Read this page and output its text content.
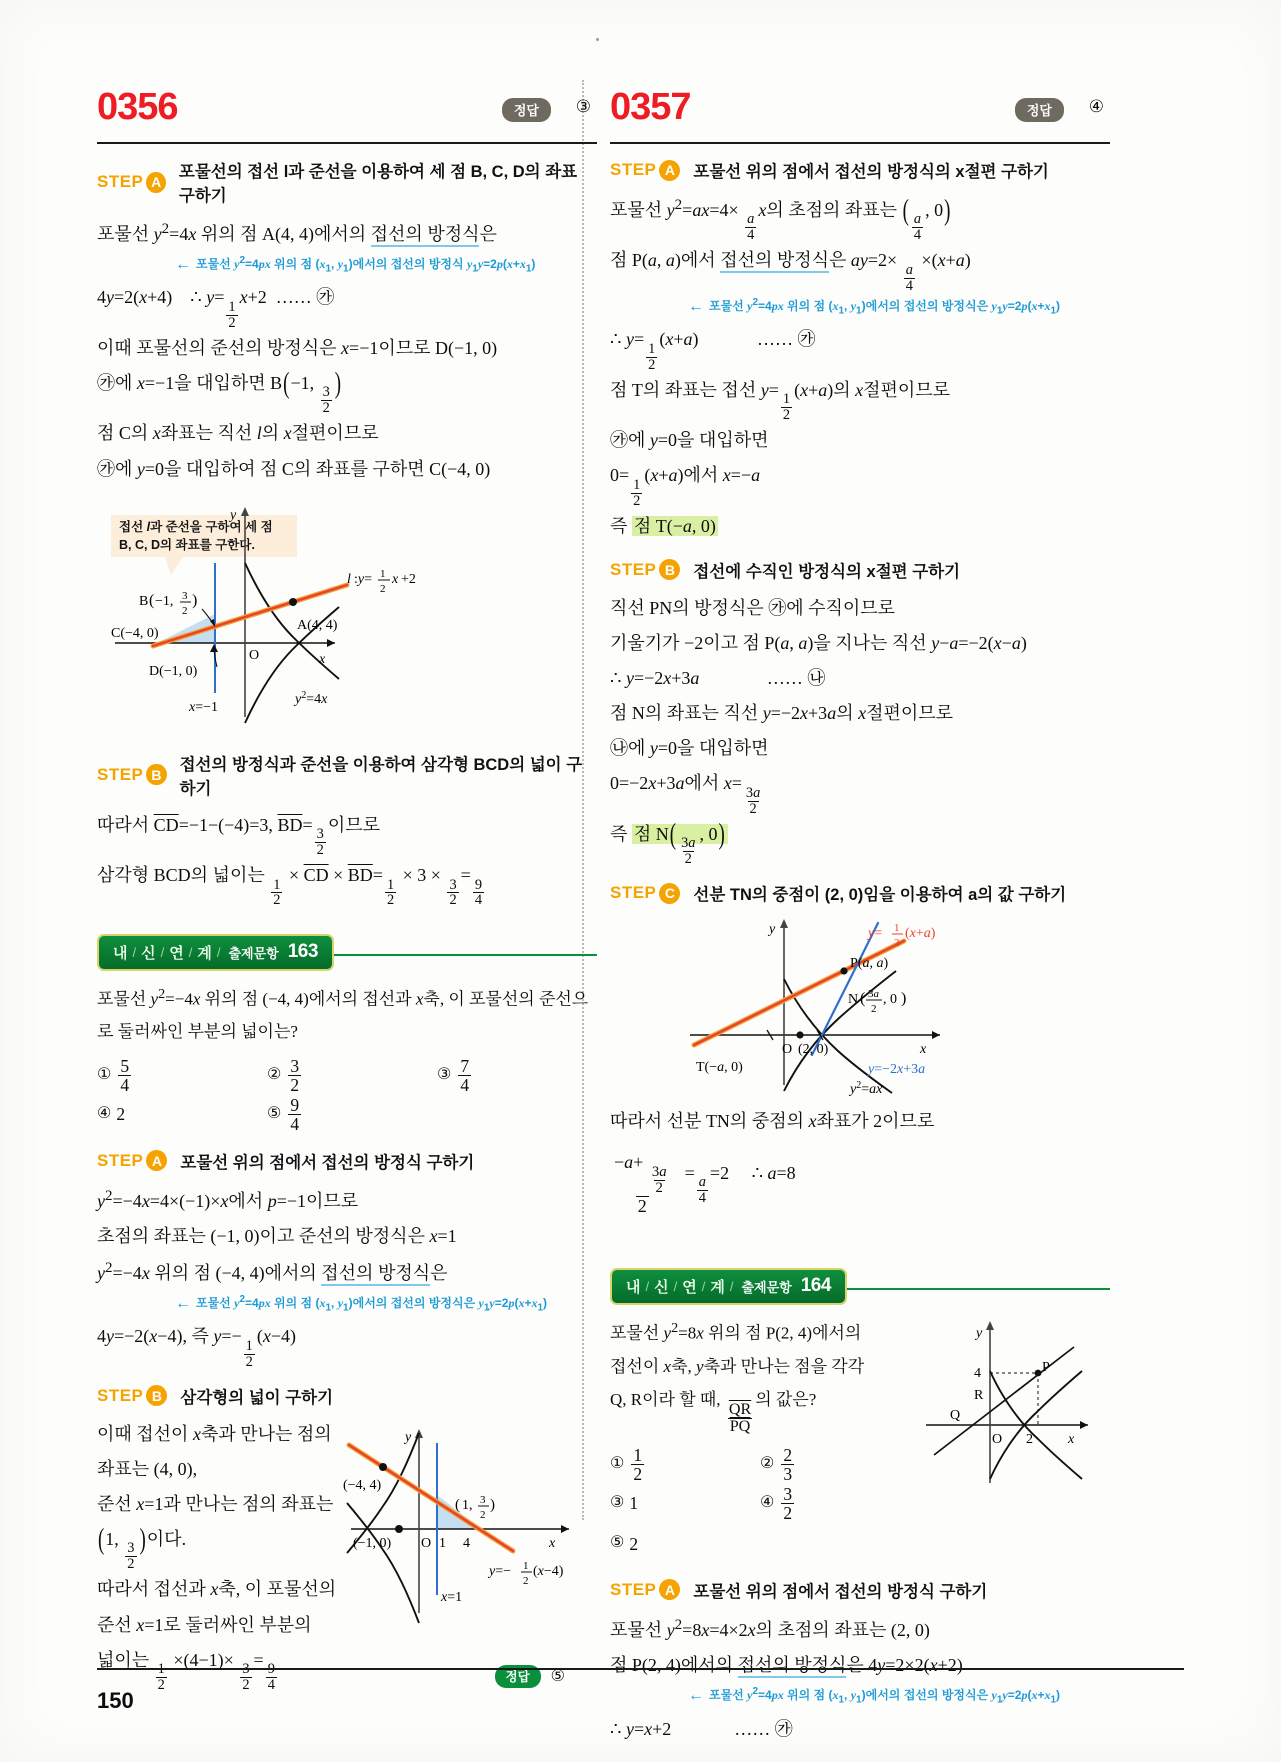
0356	정답	③
STEP A
포물선의 접선 l과 준선을 이용하여 세 점 B, C, D의 좌표 구하기
포물선 $y^2=4x$ 위의 점 A(4, 4)에서의 접선의 방정식은
← 포물선 $y^2=4px$ 위의 점 ($x_1$, $y_1$)에서의 접선의 방정식 $y_1y=2p(x+x_1)$
4y=2(x+4)    ∴ y=
$\frac{1}{2}$
x+2  …… ㉮
이때 포물선의 준선의 방정식은 x=−1이므로 D(−1, 0)
㉮에 x=−1을 대입하면 B(−1,
$\frac{3}{2}$
)
점 C의 x좌표는 직선 l의 x절편이므로
㉮에 y=0을 대입하여 점 C의 좌표를 구하면 C(−4, 0)
접선 l과 준선을 구하여 세 점
B, C, D의 좌표를 구한다.
A(4, 4)
l :y= 1
2
x +2
B ( −1, 3
2
)
C(−4, 0)
D(−1, 0)
O	x
y
x=−1
$y^2=4x$
STEP B
접선의 방정식과 준선을 이용하여 삼각형 BCD의 넓이 구하기
따라서 $\overline{CD}=-1-(-4)=3$, $\overline{BD}=$
$\frac{3}{2}$
이므로
삼각형 BCD의 넓이는
$\frac{1}{2}$
× $\overline{CD} \times \overline{BD}=$
$\frac{1}{2}$
× 3 ×
$\frac{3}{2}$
=
$\frac{9}{4}$
내 / 신 / 연 / 계 / 출제문항 163
포물선 $y^2=-4x$ 위의 점 (−4, 4)에서의 접선과 x축, 이 포물선의 준선으
로 둘러싸인 부분의 넓이는?
① $\frac{5}{4}$	② $\frac{3}{2}$	③ $\frac{7}{4}$
④ 2	⑤ $\frac{9}{4}$
STEP A	포물선 위의 점에서 접선의 방정식 구하기
$y^2=-4x=4\times(-1)\times x$에서 p=−1이므로
초점의 좌표는 (−1, 0)이고 준선의 방정식은 x=1
$y^2=-4x$ 위의 점 (−4, 4)에서의 접선의 방정식은
← 포물선 $y^2=4px$ 위의 점 ($x_1$, $y_1$)에서의 접선의 방정식은 $y_1y=2p(x+x_1)$
4y=−2(x−4), 즉 y=−
$\frac{1}{2}$
(x−4)
STEP B	삼각형의 넓이 구하기
이때 접선이 x축과 만나는 점의
좌표는 (4, 0),
준선 x=1과 만나는 점의 좌표는
(1,
$\frac{3}{2}$
)이다.
따라서 접선과 x축, 이 포물선의
준선 x=1로 둘러싸인 부분의
넓이는
$\frac{1}{2}$
×(4−1)×
$\frac{3}{2}$
=
$\frac{9}{4}$
(−4, 4)
( 1, 3
2
)
(−1, 0) O 1 4	x
y
y=− 1
2
(x−4)
x=1
정답 ⑤
0357	정답	④
STEP A	포물선 위의 점에서 접선의 방정식의 x절편 구하기
포물선 $y^2=ax=4\times$
$\frac{a}{4}$
x의 초점의 좌표는 (
$\frac{a}{4}$
, 0)
점 P(a, a)에서 접선의 방정식은 ay=2×
$\frac{a}{4}$
×(x+a)
← 포물선 $y^2=4px$ 위의 점 ($x_1$, $y_1$)에서의 접선의 방정식은 $y_1y=2p(x+x_1)$
∴ y=
$\frac{1}{2}$
(x+a)             …… ㉮
점 T의 좌표는 접선 y=
$\frac{1}{2}$
(x+a)의 x절편이므로
㉮에 y=0을 대입하면
0=
$\frac{1}{2}$
(x+a)에서 x=−a
즉 점 T(−a, 0)
STEP B	접선에 수직인 방정식의 x절편 구하기
직선 PN의 방정식은 ㉮에 수직이므로
기울기가 −2이고 점 P(a, a)을 지나는 직선 y−a=−2(x−a)
∴ y=−2x+3a               …… ㉯
점 N의 좌표는 직선 y=−2x+3a의 x절편이므로
㉯에 y=0을 대입하면
0=−2x+3a에서 x=
$\frac{3a}{2}$
즉 점 N(
$\frac{3a}{2}$
, 0)
STEP C	선분 TN의 중점이 (2, 0)임을 이용하여 a의 값 구하기
P(a, a)
N ( 3a
2
, 0 )
O (2, 0)
T(−a, 0)
x
y	y= 1
2
(x+a)
y=−2x+3a
$y^2=ax$
따라서 선분 TN의 중점의 x좌표가 2이므로
−a+
$\frac{3a}{2}$
2 =
$\frac{a}{4}$
=2     ∴ a=8
내 / 신 / 연 / 계 / 출제문항 164
포물선 $y^2=8x$ 위의 점 P(2, 4)에서의
접선이 x축, y축과 만나는 점을 각각
Q, R이라 할 때,
$\frac{\overline{QR}}{PQ}$
의 값은?
① $\frac{1}{2}$	② $\frac{2}{3}$
③ 1	④ $\frac{3}{2}$
⑤ 2
P
4
R
Q
O 2	x
y
STEP A	포물선 위의 점에서 접선의 방정식 구하기
포물선 $y^2=8x=4\times 2x$의 초점의 좌표는 (2, 0)
점 P(2, 4)에서의 접선의 방정식은 4y=2×2(x+2)
← 포물선 $y^2=4px$ 위의 점 ($x_1$, $y_1$)에서의 접선의 방정식은 $y_1y=2p(x+x_1)$
∴ y=x+2              …… ㉮
150
